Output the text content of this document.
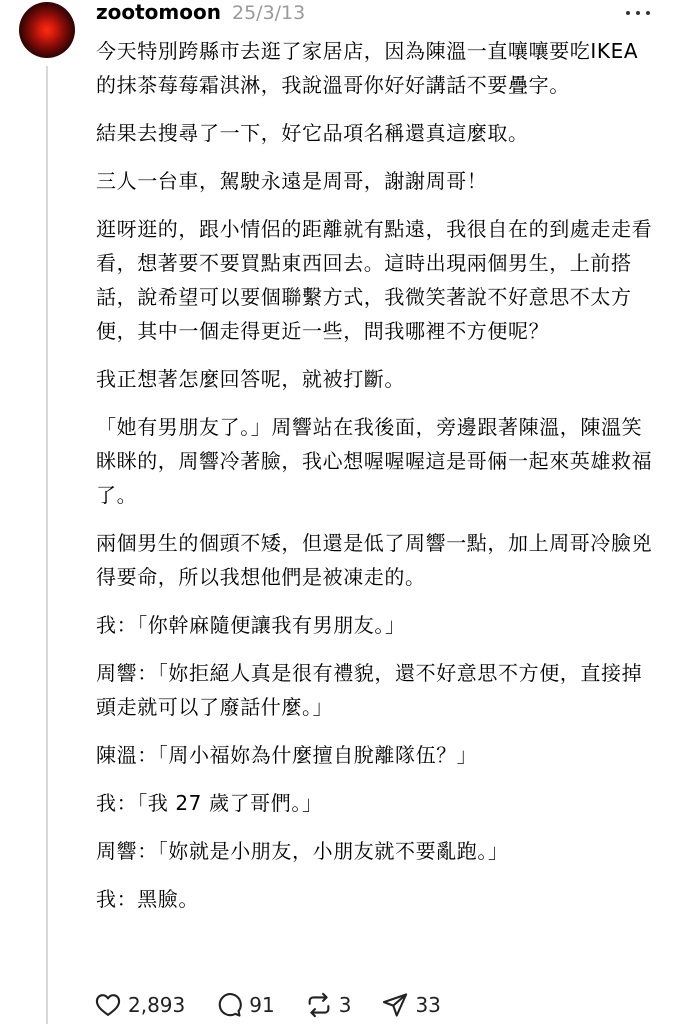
zootomoon 25/3/13

今天特別跨縣市去逛了家居店，因為陳溫一直嚷嚷要吃IKEA的抹茶莓莓霜淇淋，我說溫哥你好好講話不要疊字。

結果去搜尋了一下，好它品項名稱還真這麼取。

三人一台車，駕駛永遠是周哥，謝謝周哥！

逛呀逛的，跟小情侶的距離就有點遠，我很自在的到處走走看看，想著要不要買點東西回去。這時出現兩個男生，上前搭話，說希望可以要個聯繫方式，我微笑著說不好意思不太方便，其中一個走得更近一些，問我哪裡不方便呢？

我正想著怎麼回答呢，就被打斷。

「她有男朋友了。」周響站在我後面，旁邊跟著陳溫，陳溫笑眯眯的，周響冷著臉，我心想喔喔喔這是哥倆一起來英雄救福了。

兩個男生的個頭不矮，但還是低了周響一點，加上周哥冷臉兇得要命，所以我想他們是被凍走的。

我：「你幹麻隨便讓我有男朋友。」

周響：「妳拒絕人真是很有禮貌，還不好意思不方便，直接掉頭走就可以了廢話什麼。」

陳溫：「周小福妳為什麼擅自脫離隊伍？」

我：「我 27 歲了哥們。」

周響：「妳就是小朋友，小朋友就不要亂跑。」

我：黑臉。

2,893	91	3	33
